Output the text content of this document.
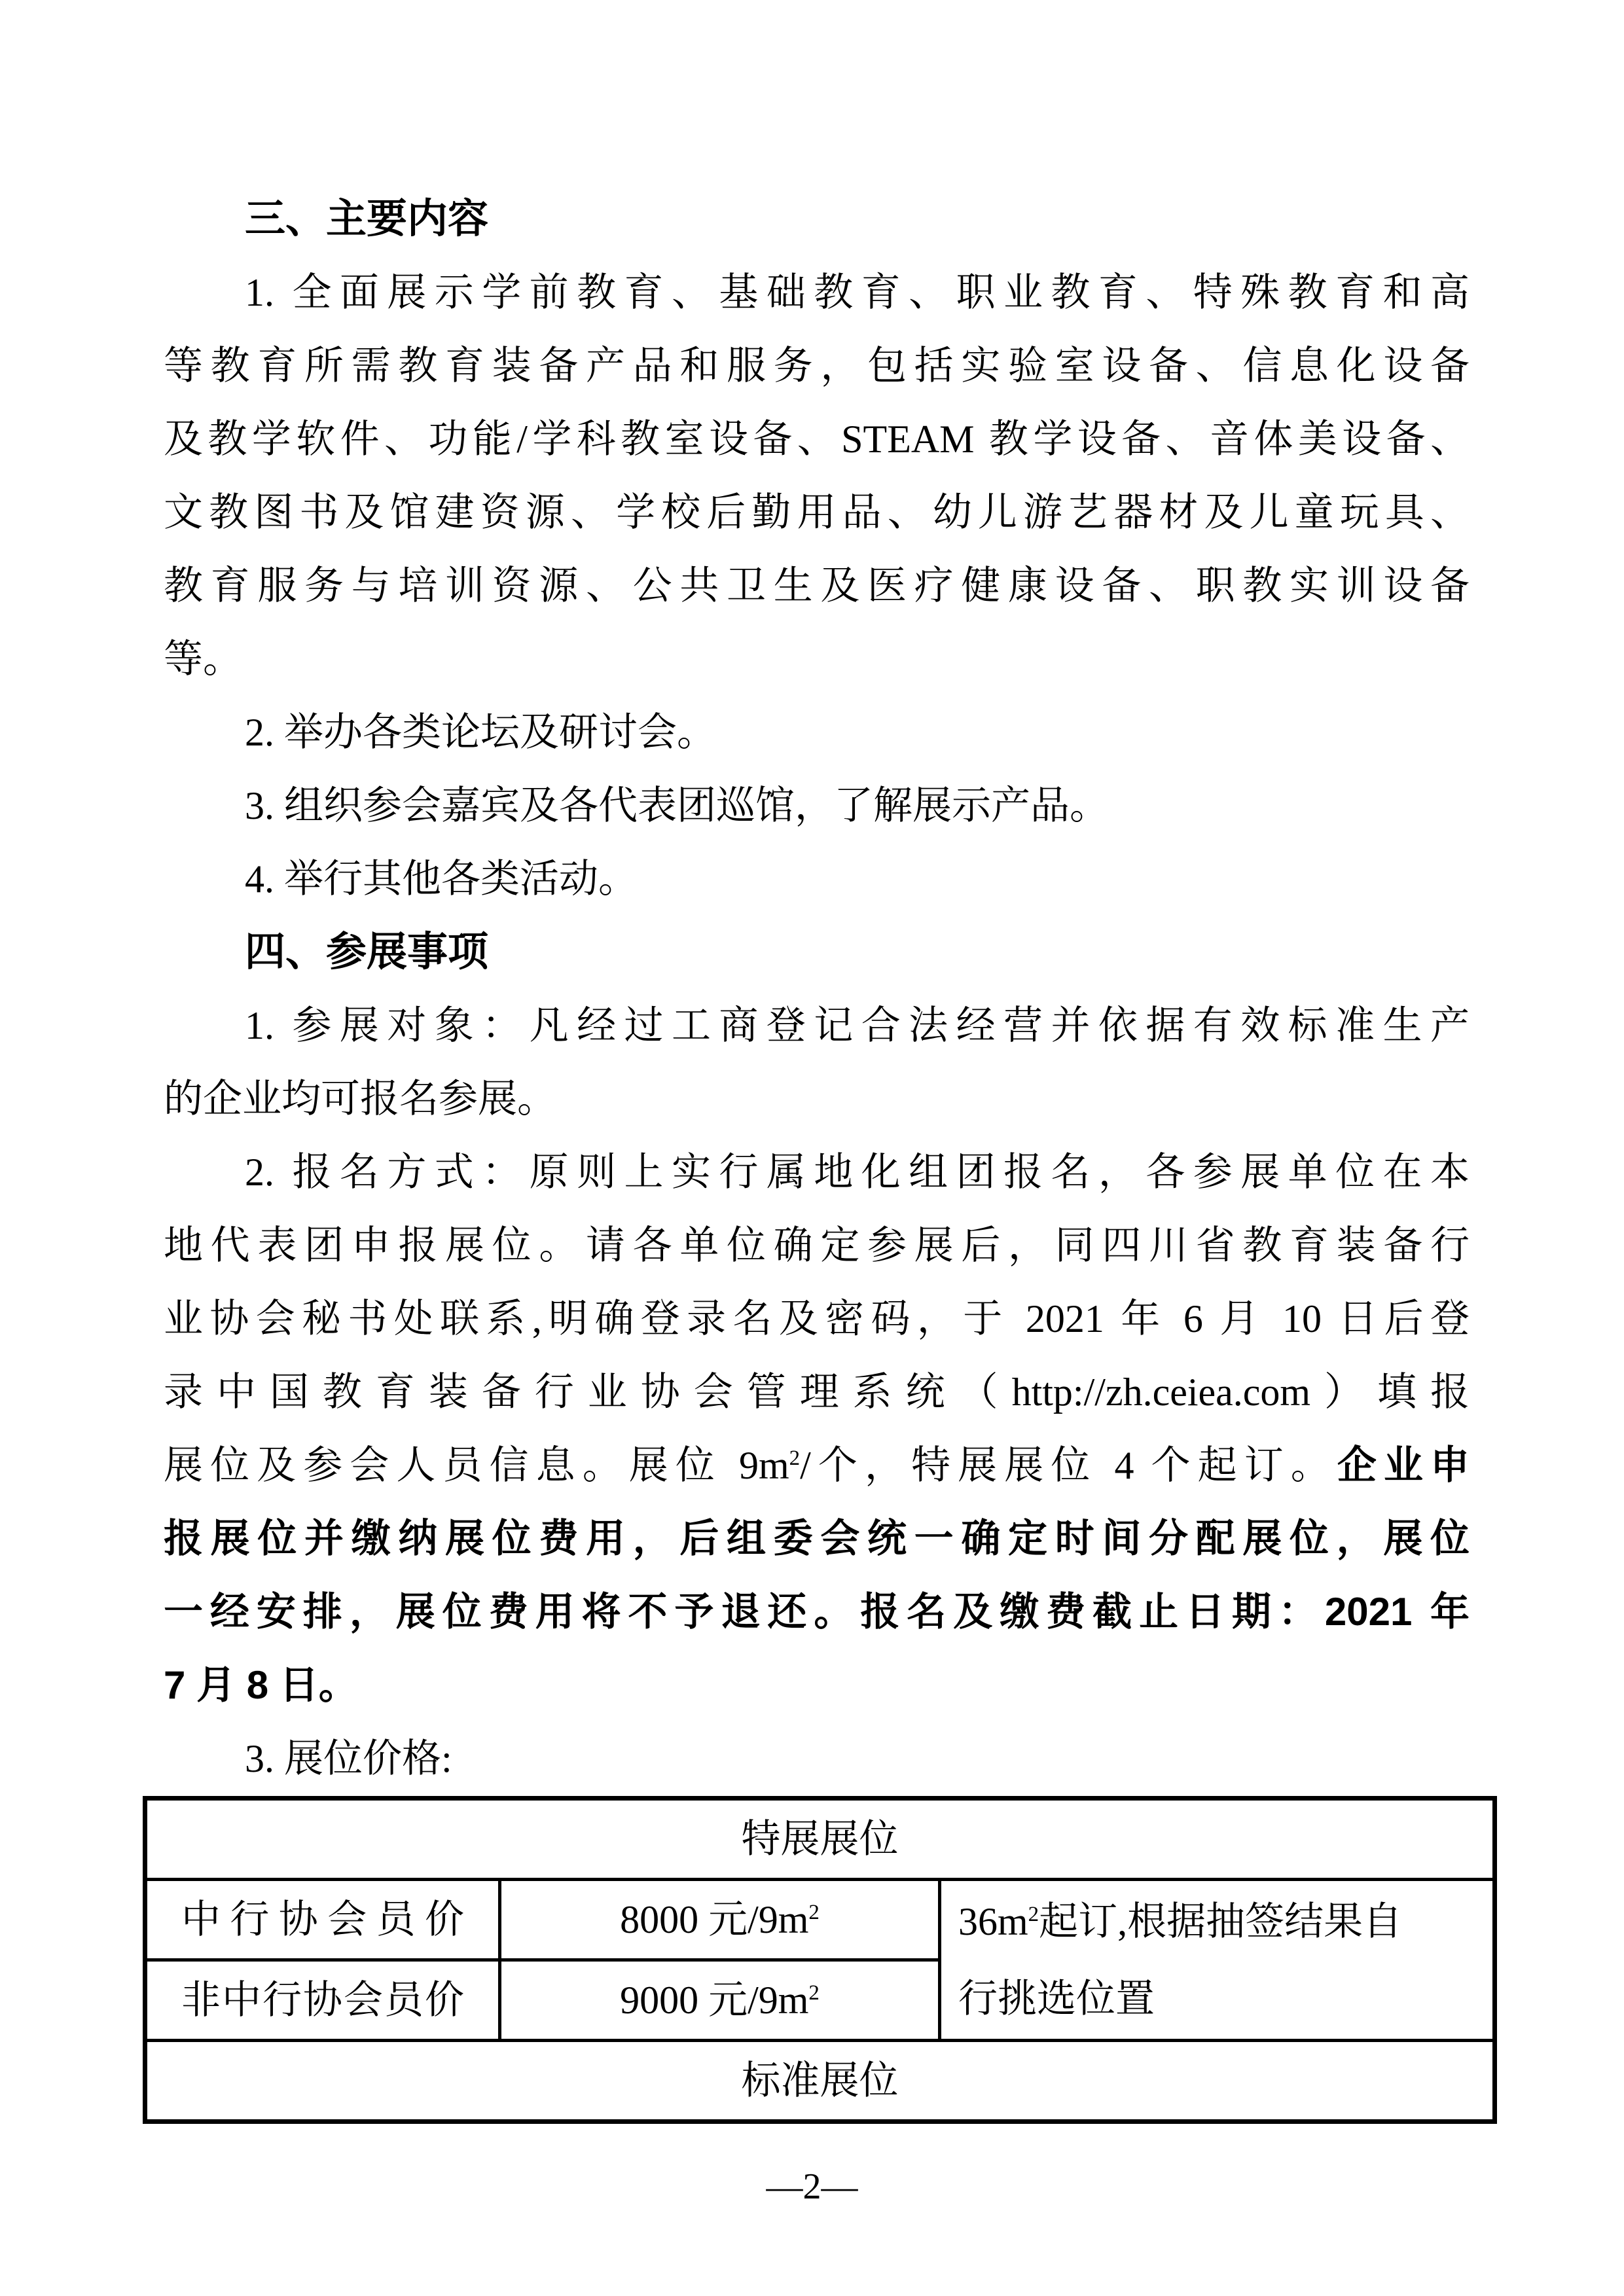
三、主要内容
1. 全面展示学前教育、基础教育、职业教育、特殊教育和高
等教育所需教育装备产品和服务，包括实验室设备、信息化设备
及教学软件、功能/学科教室设备、STEAM 教学设备、音体美设备、
文教图书及馆建资源、学校后勤用品、幼儿游艺器材及儿童玩具、
教育服务与培训资源、公共卫生及医疗健康设备、职教实训设备
等。
2. 举办各类论坛及研讨会。
3. 组织参会嘉宾及各代表团巡馆，了解展示产品。
4. 举行其他各类活动。
四、参展事项
1. 参展对象：凡经过工商登记合法经营并依据有效标准生产
的企业均可报名参展。
2. 报名方式：原则上实行属地化组团报名，各参展单位在本
地代表团申报展位。请各单位确定参展后，同四川省教育装备行
业协会秘书处联系,明确登录名及密码，于 2021 年 6 月 10 日后登
录中国教育装备行业协会管理系统（http://zh.ceiea.com）填报
展位及参会人员信息。展位 $9m^2/$个，特展展位 4 个起订。企业申
报展位并缴纳展位费用，后组委会统一确定时间分配展位，展位
一经安排，展位费用将不予退还。报名及缴费截止日期：2021 年
7 月 8 日。
3. 展位价格:
特展展位		
中行协会员价	8000 元$/9m^2$	$36m^2$起订,根据抽签结果自
行挑选位置
非中行协会员价	9000 元$/9m^2$
标准展位		
—2—
